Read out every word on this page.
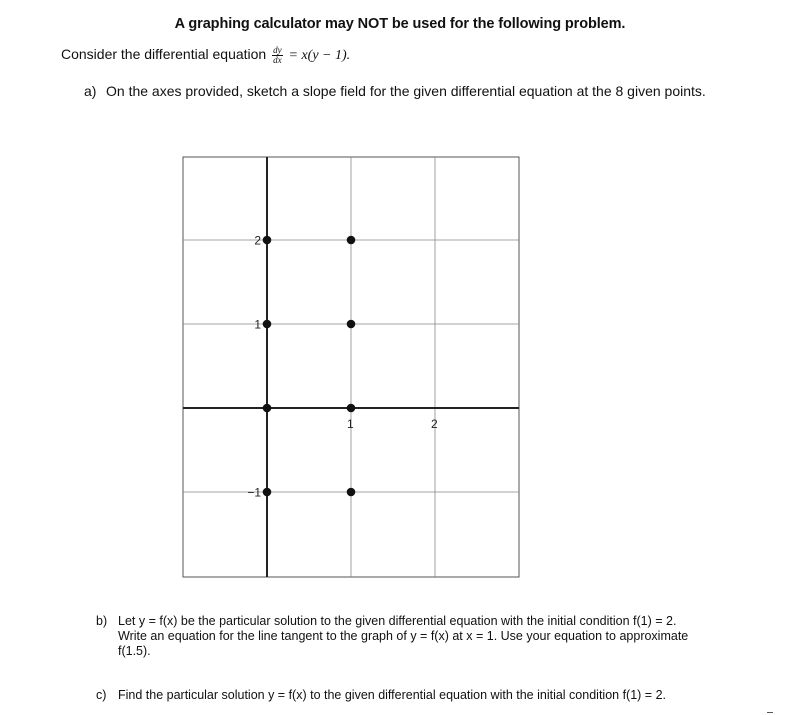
A graphing calculator may NOT be used for the following problem.
Consider the differential equation $\frac{dy}{dx} = x(y - 1)$.
a) On the axes provided, sketch a slope field for the given differential equation at the 8 given points.
1	2
2
1
−1
b) Let y = f(x) be the particular solution to the given differential equation with the initial condition f(1) = 2.
Write an equation for the line tangent to the graph of y = f(x) at x = 1. Use your equation to approximate
f(1.5).
c) Find the particular solution y = f(x) to the given differential equation with the initial condition f(1) = 2.
